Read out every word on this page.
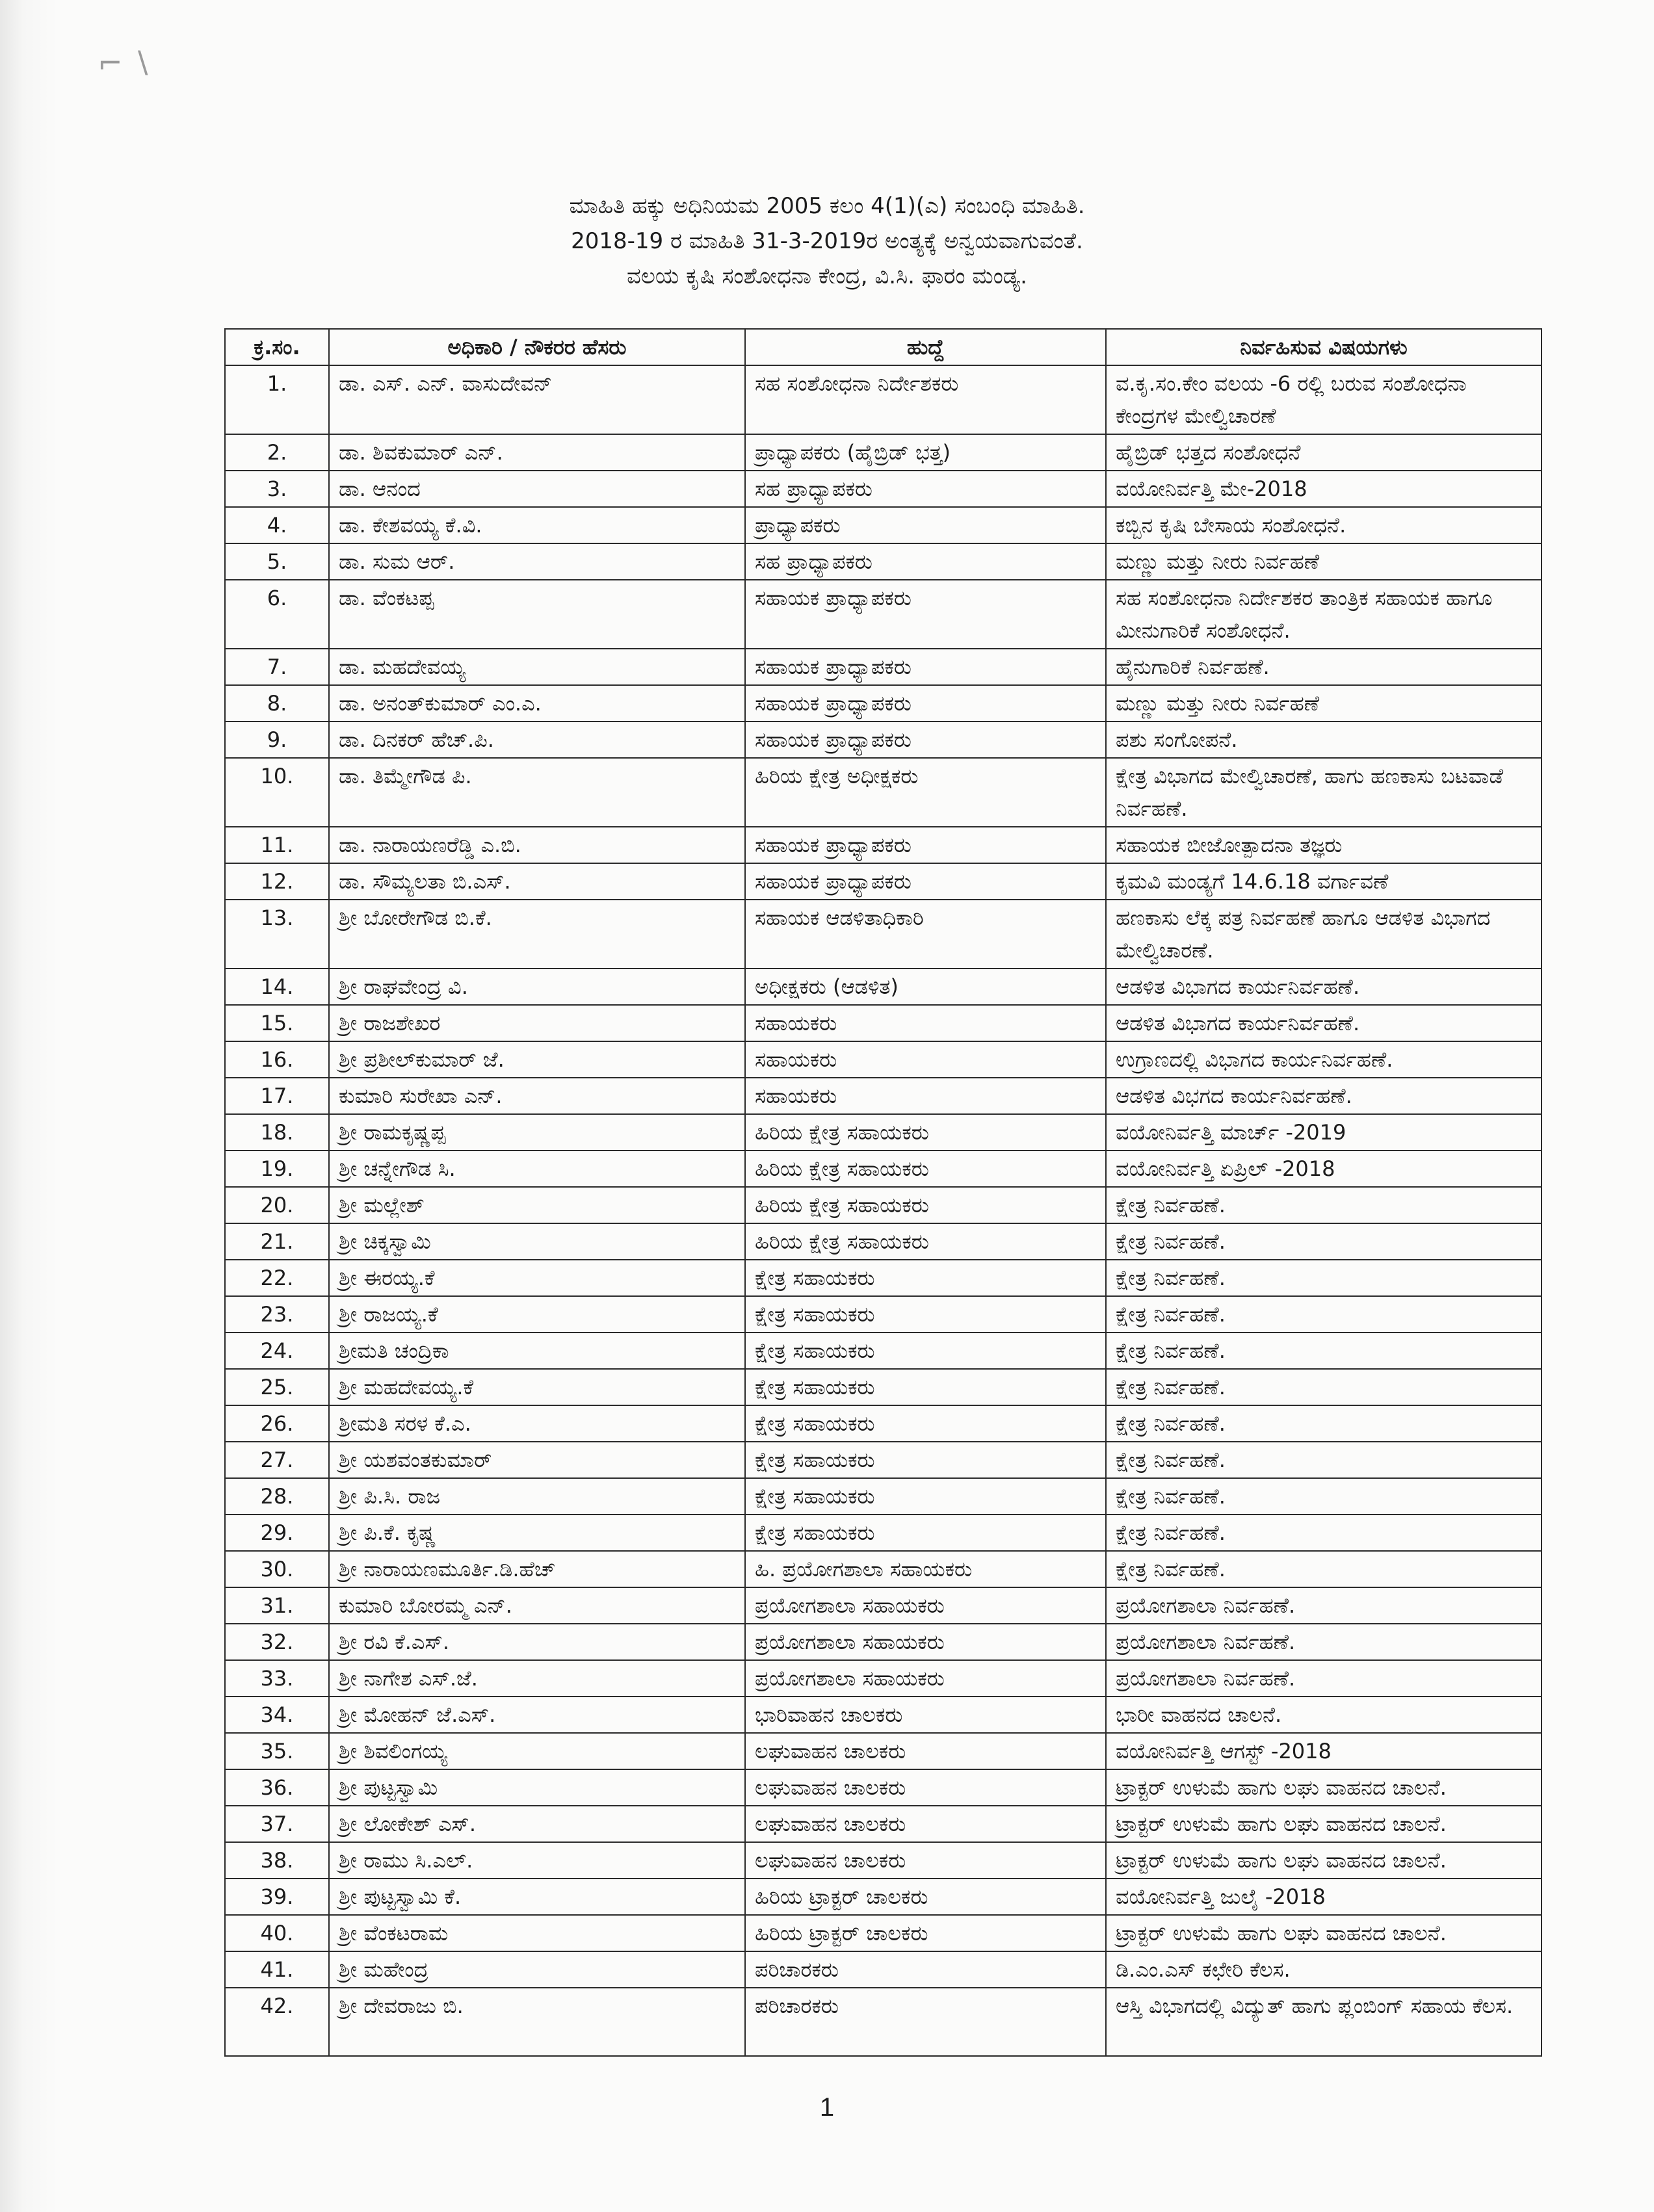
⌐ ∖
ಮಾಹಿತಿ ಹಕ್ಕು ಅಧಿನಿಯಮ 2005 ಕಲಂ 4(1)(ಎ) ಸಂಬಂಧಿ ಮಾಹಿತಿ.
2018-19 ರ ಮಾಹಿತಿ 31-3-2019ರ ಅಂತ್ಯಕ್ಕೆ ಅನ್ವಯವಾಗುವಂತೆ.
ವಲಯ ಕೃಷಿ ಸಂಶೋಧನಾ ಕೇಂದ್ರ, ವಿ.ಸಿ. ಫಾರಂ ಮಂಡ್ಯ.
ಕ್ರ.ಸಂ.	ಅಧಿಕಾರಿ / ನೌಕರರ ಹೆಸರು	ಹುದ್ದೆ	ನಿರ್ವಹಿಸುವ ವಿಷಯಗಳು
1.	ಡಾ. ಎಸ್. ಎನ್. ವಾಸುದೇವನ್	ಸಹ ಸಂಶೋಧನಾ ನಿರ್ದೇಶಕರು	ವ.ಕೃ.ಸಂ.ಕೇಂ ವಲಯ -6 ರಲ್ಲಿ ಬರುವ ಸಂಶೋಧನಾ ಕೇಂದ್ರಗಳ ಮೇಲ್ವಿಚಾರಣೆ
2.	ಡಾ. ಶಿವಕುಮಾರ್ ಎನ್.	ಪ್ರಾಧ್ಯಾಪಕರು (ಹೈಬ್ರಿಡ್ ಭತ್ತ)	ಹೈಬ್ರಿಡ್ ಭತ್ತದ ಸಂಶೋಧನೆ
3.	ಡಾ. ಆನಂದ	ಸಹ ಪ್ರಾಧ್ಯಾಪಕರು	ವಯೋನಿರ್ವತ್ತಿ ಮೇ-2018
4.	ಡಾ. ಕೇಶವಯ್ಯ ಕೆ.ವಿ.	ಪ್ರಾಧ್ಯಾಪಕರು	ಕಬ್ಬಿನ ಕೃಷಿ ಬೇಸಾಯ ಸಂಶೋಧನೆ.
5.	ಡಾ. ಸುಮ ಆರ್.	ಸಹ ಪ್ರಾಧ್ಯಾಪಕರು	ಮಣ್ಣು ಮತ್ತು ನೀರು ನಿರ್ವಹಣೆ
6.	ಡಾ. ವೆಂಕಟಪ್ಪ	ಸಹಾಯಕ ಪ್ರಾಧ್ಯಾಪಕರು	ಸಹ ಸಂಶೋಧನಾ ನಿರ್ದೇಶಕರ ತಾಂತ್ರಿಕ ಸಹಾಯಕ ಹಾಗೂ ಮೀನುಗಾರಿಕೆ ಸಂಶೋಧನೆ.
7.	ಡಾ. ಮಹದೇವಯ್ಯ	ಸಹಾಯಕ ಪ್ರಾಧ್ಯಾಪಕರು	ಹೈನುಗಾರಿಕೆ ನಿರ್ವಹಣೆ.
8.	ಡಾ. ಅನಂತ್‌ಕುಮಾರ್ ಎಂ.ಎ.	ಸಹಾಯಕ ಪ್ರಾಧ್ಯಾಪಕರು	ಮಣ್ಣು ಮತ್ತು ನೀರು ನಿರ್ವಹಣೆ
9.	ಡಾ. ದಿನಕರ್ ಹೆಚ್.ಪಿ.	ಸಹಾಯಕ ಪ್ರಾಧ್ಯಾಪಕರು	ಪಶು ಸಂಗೋಪನೆ.
10.	ಡಾ. ತಿಮ್ಮೇಗೌಡ ಪಿ.	ಹಿರಿಯ ಕ್ಷೇತ್ರ ಅಧೀಕ್ಷಕರು	ಕ್ಷೇತ್ರ ವಿಭಾಗದ ಮೇಲ್ವಿಚಾರಣೆ, ಹಾಗು ಹಣಕಾಸು ಬಟವಾಡೆ ನಿರ್ವಹಣೆ.
11.	ಡಾ. ನಾರಾಯಣರೆಡ್ಡಿ ಎ.ಬಿ.	ಸಹಾಯಕ ಪ್ರಾಧ್ಯಾಪಕರು	ಸಹಾಯಕ ಬೀಜೋತ್ಪಾದನಾ ತಜ್ಞರು
12.	ಡಾ. ಸೌಮ್ಯಲತಾ ಬಿ.ಎಸ್.	ಸಹಾಯಕ ಪ್ರಾಧ್ಯಾಪಕರು	ಕೃಮವಿ ಮಂಡ್ಯಗೆ 14.6.18 ವರ್ಗಾವಣೆ
13.	ಶ್ರೀ ಬೋರೇಗೌಡ ಬಿ.ಕೆ.	ಸಹಾಯಕ ಆಡಳಿತಾಧಿಕಾರಿ	ಹಣಕಾಸು ಲೆಕ್ಕ ಪತ್ರ ನಿರ್ವಹಣೆ ಹಾಗೂ ಆಡಳಿತ ವಿಭಾಗದ ಮೇಲ್ವಿಚಾರಣೆ.
14.	ಶ್ರೀ ರಾಘವೇಂದ್ರ ವಿ.	ಅಧೀಕ್ಷಕರು (ಆಡಳಿತ)	ಆಡಳಿತ ವಿಭಾಗದ ಕಾರ್ಯನಿರ್ವಹಣೆ.
15.	ಶ್ರೀ ರಾಜಶೇಖರ	ಸಹಾಯಕರು	ಆಡಳಿತ ವಿಭಾಗದ ಕಾರ್ಯನಿರ್ವಹಣೆ.
16.	ಶ್ರೀ ಪ್ರಶೀಲ್‌ಕುಮಾರ್ ಜೆ.	ಸಹಾಯಕರು	ಉಗ್ರಾಣದಲ್ಲಿ ವಿಭಾಗದ ಕಾರ್ಯನಿರ್ವಹಣೆ.
17.	ಕುಮಾರಿ ಸುರೇಖಾ ಎನ್.	ಸಹಾಯಕರು	ಆಡಳಿತ ವಿಭಗದ ಕಾರ್ಯನಿರ್ವಹಣೆ.
18.	ಶ್ರೀ ರಾಮಕೃಷ್ಣಪ್ಪ	ಹಿರಿಯ ಕ್ಷೇತ್ರ ಸಹಾಯಕರು	ವಯೋನಿರ್ವತ್ತಿ ಮಾರ್ಚ್ -2019
19.	ಶ್ರೀ ಚನ್ನೇಗೌಡ ಸಿ.	ಹಿರಿಯ ಕ್ಷೇತ್ರ ಸಹಾಯಕರು	ವಯೋನಿರ್ವತ್ತಿ ಏಪ್ರಿಲ್ -2018
20.	ಶ್ರೀ ಮಲ್ಲೇಶ್	ಹಿರಿಯ ಕ್ಷೇತ್ರ ಸಹಾಯಕರು	ಕ್ಷೇತ್ರ ನಿರ್ವಹಣೆ.
21.	ಶ್ರೀ ಚಿಕ್ಕಸ್ವಾಮಿ	ಹಿರಿಯ ಕ್ಷೇತ್ರ ಸಹಾಯಕರು	ಕ್ಷೇತ್ರ ನಿರ್ವಹಣೆ.
22.	ಶ್ರೀ ಈರಯ್ಯ.ಕೆ	ಕ್ಷೇತ್ರ ಸಹಾಯಕರು	ಕ್ಷೇತ್ರ ನಿರ್ವಹಣೆ.
23.	ಶ್ರೀ ರಾಜಯ್ಯ.ಕೆ	ಕ್ಷೇತ್ರ ಸಹಾಯಕರು	ಕ್ಷೇತ್ರ ನಿರ್ವಹಣೆ.
24.	ಶ್ರೀಮತಿ ಚಂದ್ರಿಕಾ	ಕ್ಷೇತ್ರ ಸಹಾಯಕರು	ಕ್ಷೇತ್ರ ನಿರ್ವಹಣೆ.
25.	ಶ್ರೀ ಮಹದೇವಯ್ಯ.ಕೆ	ಕ್ಷೇತ್ರ ಸಹಾಯಕರು	ಕ್ಷೇತ್ರ ನಿರ್ವಹಣೆ.
26.	ಶ್ರೀಮತಿ ಸರಳ ಕೆ.ಎ.	ಕ್ಷೇತ್ರ ಸಹಾಯಕರು	ಕ್ಷೇತ್ರ ನಿರ್ವಹಣೆ.
27.	ಶ್ರೀ ಯಶವಂತಕುಮಾರ್	ಕ್ಷೇತ್ರ ಸಹಾಯಕರು	ಕ್ಷೇತ್ರ ನಿರ್ವಹಣೆ.
28.	ಶ್ರೀ ಪಿ.ಸಿ. ರಾಜ	ಕ್ಷೇತ್ರ ಸಹಾಯಕರು	ಕ್ಷೇತ್ರ ನಿರ್ವಹಣೆ.
29.	ಶ್ರೀ ಪಿ.ಕೆ. ಕೃಷ್ಣ	ಕ್ಷೇತ್ರ ಸಹಾಯಕರು	ಕ್ಷೇತ್ರ ನಿರ್ವಹಣೆ.
30.	ಶ್ರೀ ನಾರಾಯಣಮೂರ್ತಿ.ಡಿ.ಹೆಚ್	ಹಿ. ಪ್ರಯೋಗಶಾಲಾ ಸಹಾಯಕರು	ಕ್ಷೇತ್ರ ನಿರ್ವಹಣೆ.
31.	ಕುಮಾರಿ ಬೋರಮ್ಮ ಎನ್.	ಪ್ರಯೋಗಶಾಲಾ ಸಹಾಯಕರು	ಪ್ರಯೋಗಶಾಲಾ ನಿರ್ವಹಣೆ.
32.	ಶ್ರೀ ರವಿ ಕೆ.ಎಸ್.	ಪ್ರಯೋಗಶಾಲಾ ಸಹಾಯಕರು	ಪ್ರಯೋಗಶಾಲಾ ನಿರ್ವಹಣೆ.
33.	ಶ್ರೀ ನಾಗೇಶ ಎಸ್.ಜೆ.	ಪ್ರಯೋಗಶಾಲಾ ಸಹಾಯಕರು	ಪ್ರಯೋಗಶಾಲಾ ನಿರ್ವಹಣೆ.
34.	ಶ್ರೀ ಮೋಹನ್ ಜೆ.ಎಸ್.	ಭಾರಿವಾಹನ ಚಾಲಕರು	ಭಾರೀ ವಾಹನದ ಚಾಲನೆ.
35.	ಶ್ರೀ ಶಿವಲಿಂಗಯ್ಯ	ಲಘುವಾಹನ ಚಾಲಕರು	ವಯೋನಿರ್ವತ್ತಿ ಆಗಸ್ಟ್ -2018
36.	ಶ್ರೀ ಪುಟ್ಟಸ್ವಾಮಿ	ಲಘುವಾಹನ ಚಾಲಕರು	ಟ್ರಾಕ್ಟರ್ ಉಳುಮೆ ಹಾಗು ಲಘು ವಾಹನದ ಚಾಲನೆ.
37.	ಶ್ರೀ ಲೋಕೇಶ್ ಎಸ್.	ಲಘುವಾಹನ ಚಾಲಕರು	ಟ್ರಾಕ್ಟರ್ ಉಳುಮೆ ಹಾಗು ಲಘು ವಾಹನದ ಚಾಲನೆ.
38.	ಶ್ರೀ ರಾಮು ಸಿ.ಎಲ್.	ಲಘುವಾಹನ ಚಾಲಕರು	ಟ್ರಾಕ್ಟರ್ ಉಳುಮೆ ಹಾಗು ಲಘು ವಾಹನದ ಚಾಲನೆ.
39.	ಶ್ರೀ ಪುಟ್ಟಸ್ವಾಮಿ ಕೆ.	ಹಿರಿಯ ಟ್ರಾಕ್ಟರ್ ಚಾಲಕರು	ವಯೋನಿರ್ವತ್ತಿ ಜುಲೈ -2018
40.	ಶ್ರೀ ವೆಂಕಟರಾಮ	ಹಿರಿಯ ಟ್ರಾಕ್ಟರ್ ಚಾಲಕರು	ಟ್ರಾಕ್ಟರ್ ಉಳುಮೆ ಹಾಗು ಲಘು ವಾಹನದ ಚಾಲನೆ.
41.	ಶ್ರೀ ಮಹೇಂದ್ರ	ಪರಿಚಾರಕರು	ಡಿ.ಎಂ.ಎಸ್ ಕಛೇರಿ ಕೆಲಸ.
42.	ಶ್ರೀ ದೇವರಾಜು ಬಿ.	ಪರಿಚಾರಕರು	ಆಸ್ತಿ ವಿಭಾಗದಲ್ಲಿ ವಿದ್ಯುತ್ ಹಾಗು ಪ್ಲಂಬಿಂಗ್ ಸಹಾಯ ಕೆಲಸ.
1
